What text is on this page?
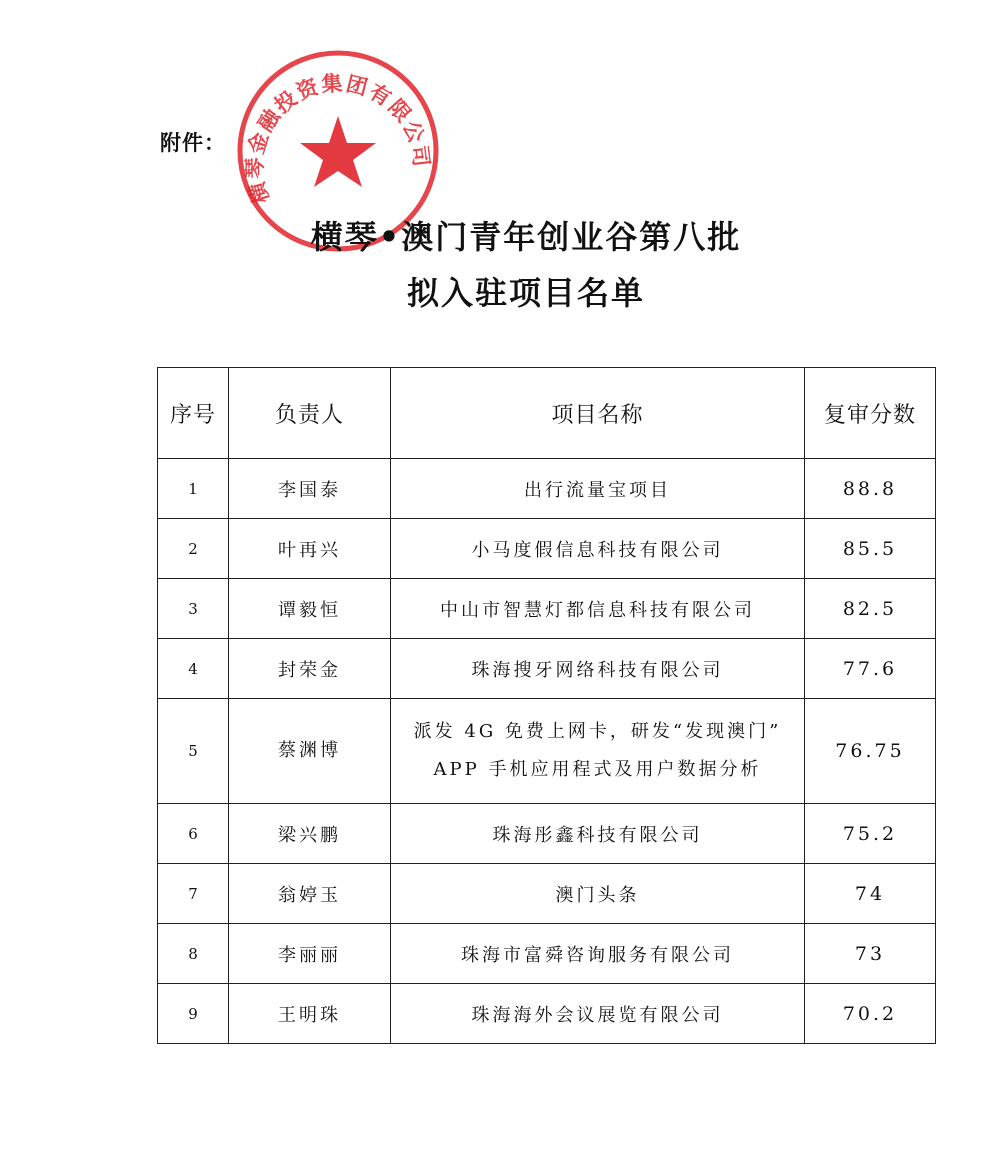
附件：
横琴金融投资集团有限公司
横琴•澳门青年创业谷第八批
拟入驻项目名单
序号	负责人	项目名称	复审分数
1	李国泰	出行流量宝项目	88.8
2	叶再兴	小马度假信息科技有限公司	85.5
3	谭毅恒	中山市智慧灯都信息科技有限公司	82.5
4	封荣金	珠海搜牙网络科技有限公司	77.6
5	蔡渊博	派发 4G 免费上网卡，研发“发现澳门”
APP 手机应用程式及用户数据分析	76.75
6	梁兴鹏	珠海彤鑫科技有限公司	75.2
7	翁婷玉	澳门头条	74
8	李丽丽	珠海市富舜咨询服务有限公司	73
9	王明珠	珠海海外会议展览有限公司	70.2
